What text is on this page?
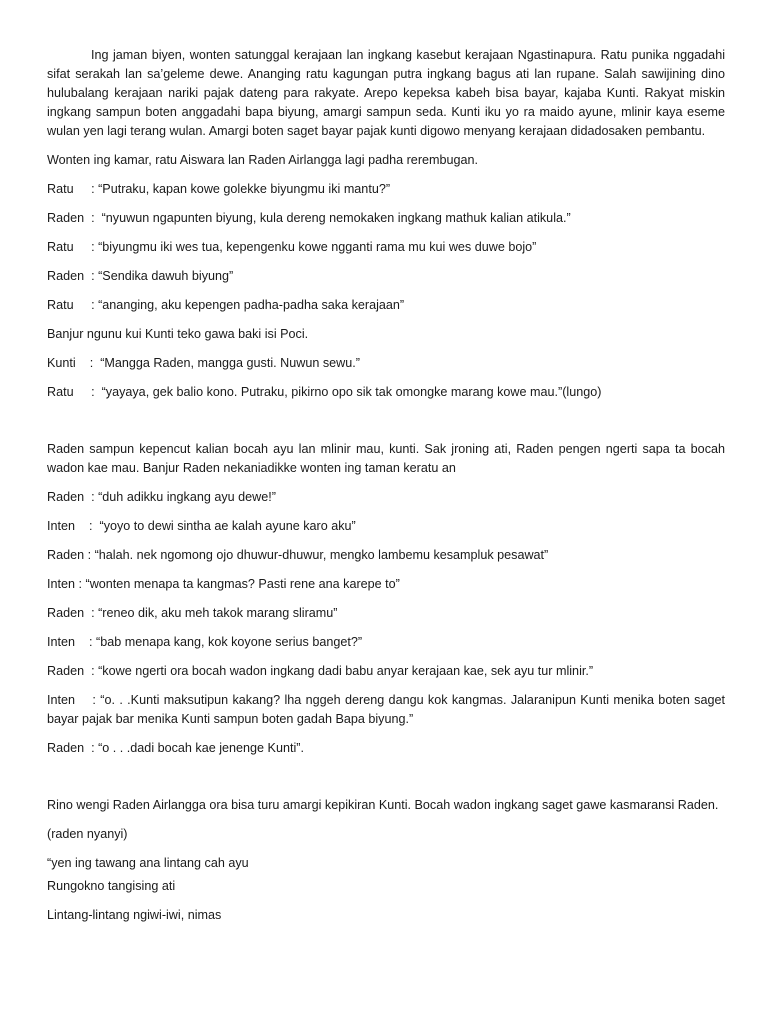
Ing jaman biyen, wonten satunggal kerajaan lan ingkang kasebut kerajaan Ngastinapura. Ratu punika nggadahi sifat serakah lan sa’geleme dewe. Ananging ratu kagungan putra ingkang bagus ati lan rupane. Salah sawijining dino hulubalang kerajaan nariki pajak dateng para rakyate. Arepo kepeksa kabeh bisa bayar, kajaba Kunti. Rakyat miskin ingkang sampun boten anggadahi bapa biyung, amargi sampun seda. Kunti iku yo ra maido ayune, mlinir kaya eseme wulan yen lagi terang wulan. Amargi boten saget bayar pajak kunti digowo menyang kerajaan didadosaken pembantu.

Wonten ing kamar, ratu Aiswara lan Raden Airlangga lagi padha rerembugan.

Ratu     : “Putraku, kapan kowe golekke biyungmu iki mantu?”

Raden  :  “nyuwun ngapunten biyung, kula dereng nemokaken ingkang mathuk kalian atikula.”

Ratu     : “biyungmu iki wes tua, kepengenku kowe ngganti rama mu kui wes duwe bojo”

Raden  : “Sendika dawuh biyung”

Ratu     : “ananging, aku kepengen padha-padha saka kerajaan”

Banjur ngunu kui Kunti teko gawa baki isi Poci.

Kunti    :  “Mangga Raden, mangga gusti. Nuwun sewu.”

Ratu     :  “yayaya, gek balio kono. Putraku, pikirno opo sik tak omongke marang kowe mau.”(lungo)

Raden sampun kepencut kalian bocah ayu lan mlinir mau, kunti. Sak jroning ati, Raden pengen ngerti sapa ta bocah wadon kae mau. Banjur Raden nekaniadikke wonten ing taman keratu an

Raden  : “duh adikku ingkang ayu dewe!”

Inten    :  “yoyo to dewi sintha ae kalah ayune karo aku”

Raden : “halah. nek ngomong ojo dhuwur-dhuwur, mengko lambemu kesampluk pesawat”

Inten : “wonten menapa ta kangmas? Pasti rene ana karepe to”

Raden  : “reneo dik, aku meh takok marang sliramu”

Inten    : “bab menapa kang, kok koyone serius banget?”

Raden  : “kowe ngerti ora bocah wadon ingkang dadi babu anyar kerajaan kae, sek ayu tur mlinir.”

Inten    : “o. . .Kunti maksutipun kakang? lha nggeh dereng dangu kok kangmas. Jalaranipun Kunti menika boten saget bayar pajak bar menika Kunti sampun boten gadah Bapa biyung.”

Raden  : “o . . .dadi bocah kae jenenge Kunti”.

Rino wengi Raden Airlangga ora bisa turu amargi kepikiran Kunti. Bocah wadon ingkang saget gawe kasmaransi Raden.

(raden nyanyi)

“yen ing tawang ana lintang cah ayu

Rungokno tangising ati

Lintang-lintang ngiwi-iwi, nimas
